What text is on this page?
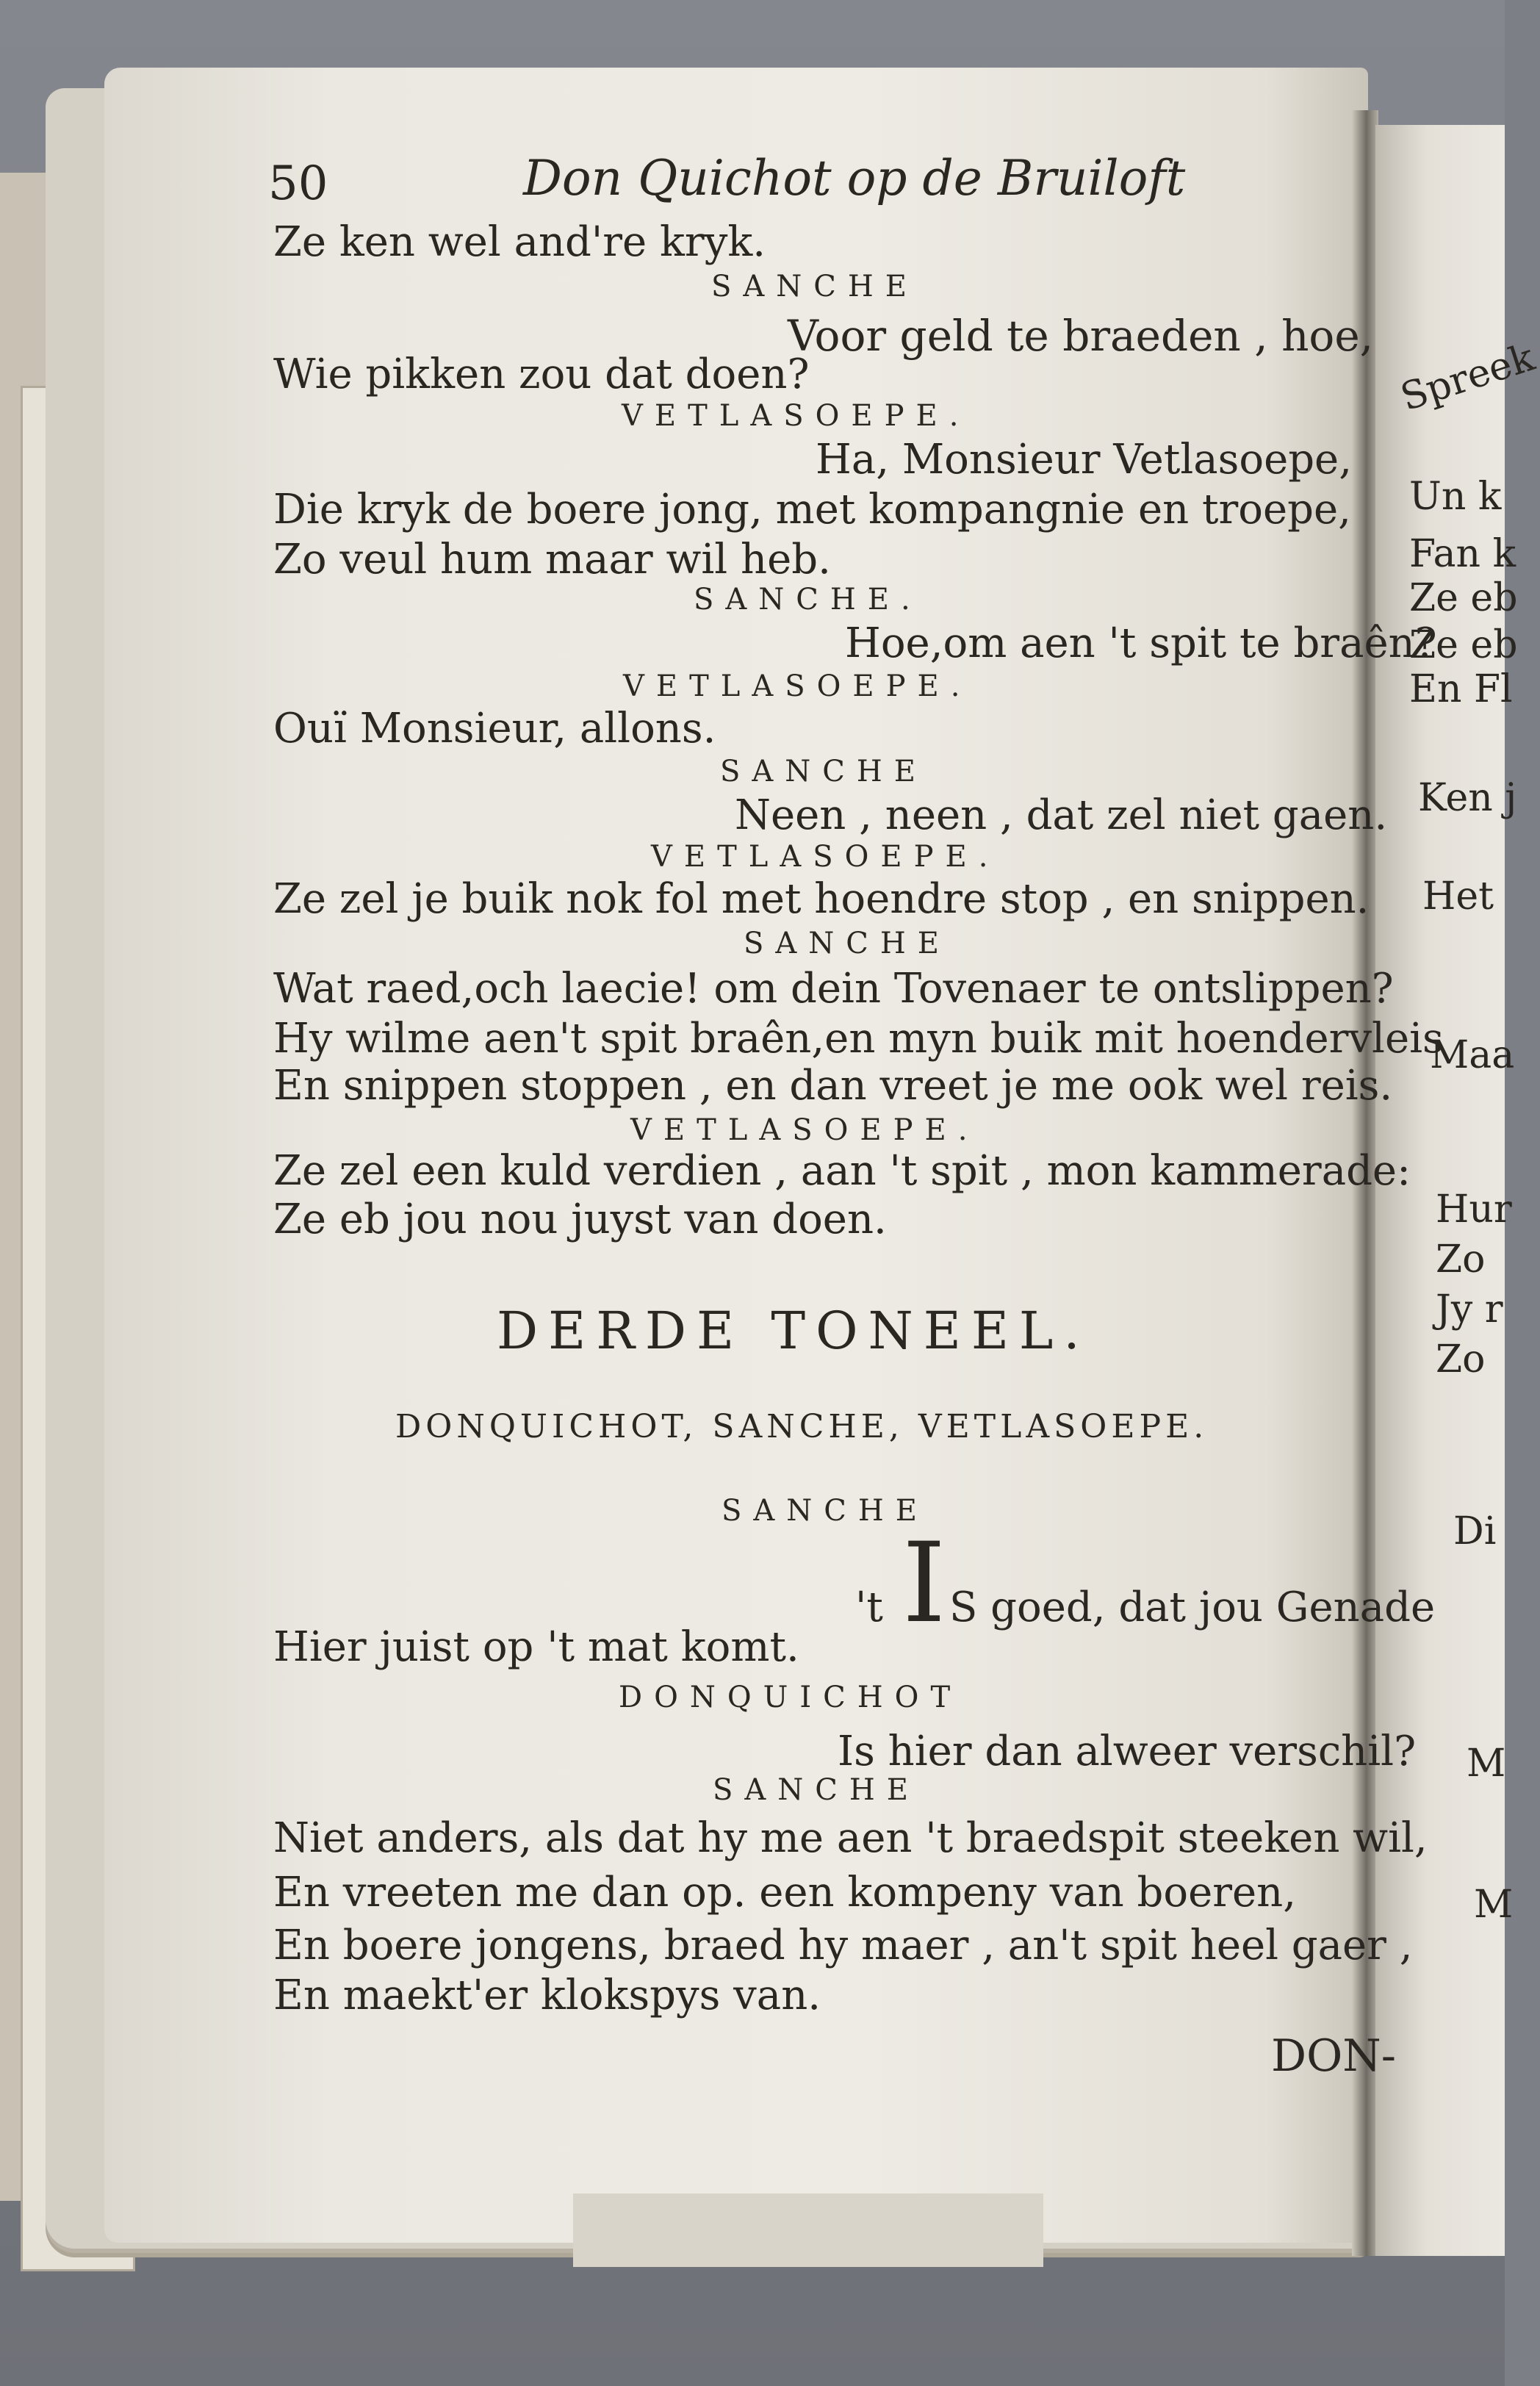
50	Don Quichot op de Bruiloft
Ze ken wel and're kryk.
SANCHE
Voor geld te braeden , hoe,
Wie pikken zou dat doen?
VETLASOEPE.
Ha, Monsieur Vetlasoepe,
Die kryk de boere jong, met kompangnie en troepe,
Zo veul hum maar wil heb.
SANCHE.
Hoe,om aen 't spit te braên?
VETLASOEPE.
Ouï Monsieur, allons.
SANCHE
Neen , neen , dat zel niet gaen.
VETLASOEPE.
Ze zel je buik nok fol met hoendre stop , en snippen.
SANCHE
Wat raed,och laecie! om dein Tovenaer te ontslippen?
Hy wilme aen't spit braên,en myn buik mit hoendervleis
En snippen stoppen , en dan vreet je me ook wel reis.
VETLASOEPE.
Ze zel een kuld verdien , aan 't spit , mon kammerade:
Ze eb jou nou juyst van doen.
DERDE TONEEL.
DONQUICHOT, SANCHE, VETLASOEPE.
SANCHE
I
't S goed, dat jou Genade
Hier juist op 't mat komt.
DONQUICHOT
Is hier dan alweer verschil?
SANCHE
Niet anders, als dat hy me aen 't braedspit steeken wil,
En vreeten me dan op. een kompeny van boeren,
En boere jongens, braed hy maer , an't spit heel gaer ,
En maekt'er klokspys van.
DON-
Spreek
Un k
Fan k
Ze eb
Ze eb
En Fl
Ken j
Het
Maa
Hur
Zo
Jy r
Zo
Di
M
M
